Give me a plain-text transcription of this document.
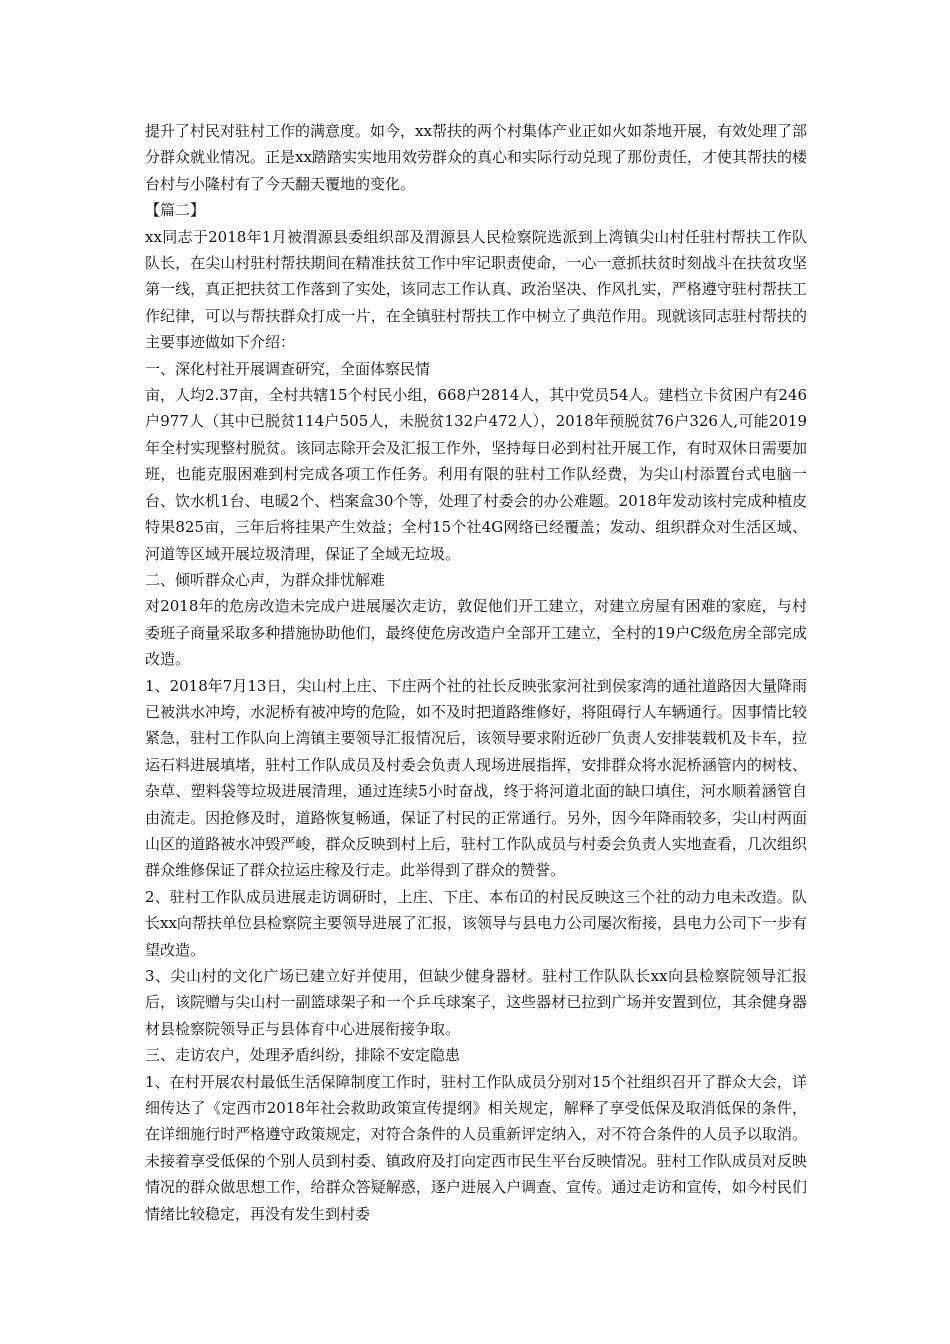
提升了村民对驻村工作的满意度。如今，xx帮扶的两个村集体产业正如火如荼地开展，有效处理了部分群众就业情况。正是xx踏踏实实地用效劳群众的真心和实际行动兑现了那份责任，才使其帮扶的楼台村与小隆村有了今天翻天覆地的变化。

【篇二】

xx同志于2018年1月被渭源县委组织部及渭源县人民检察院选派到上湾镇尖山村任驻村帮扶工作队队长，在尖山村驻村帮扶期间在精准扶贫工作中牢记职责使命，一心一意抓扶贫时刻战斗在扶贫攻坚第一线，真正把扶贫工作落到了实处，该同志工作认真、政治坚决、作风扎实，严格遵守驻村帮扶工作纪律，可以与帮扶群众打成一片，在全镇驻村帮扶工作中树立了典范作用。现就该同志驻村帮扶的主要事迹做如下介绍：

一、深化村社开展调查研究，全面体察民情

亩，人均2.37亩，全村共辖15个村民小组，668户2814人，其中党员54人。建档立卡贫困户有246户977人（其中已脱贫114户505人，未脱贫132户472人），2018年预脱贫76户326人,可能2019年全村实现整村脱贫。该同志除开会及汇报工作外，坚持每日必到村社开展工作，有时双休日需要加班，也能克服困难到村完成各项工作任务。利用有限的驻村工作队经费，为尖山村添置台式电脑一台、饮水机1台、电暖2个、档案盒30个等，处理了村委会的办公难题。2018年发动该村完成种植皮特果825亩，三年后将挂果产生效益；全村15个社4G网络已经覆盖；发动、组织群众对生活区域、河道等区域开展垃圾清理，保证了全域无垃圾。

二、倾听群众心声，为群众排忧解难

对2018年的危房改造未完成户进展屡次走访，敦促他们开工建立，对建立房屋有困难的家庭，与村委班子商量采取多种措施协助他们，最终使危房改造户全部开工建立，全村的19户C级危房全部完成改造。

1、2018年7月13日，尖山村上庄、下庄两个社的社长反映张家河社到侯家湾的通社道路因大量降雨已被洪水冲垮，水泥桥有被冲垮的危险，如不及时把道路维修好，将阻碍行人车辆通行。因事情比较紧急，驻村工作队向上湾镇主要领导汇报情况后，该领导要求附近砂厂负责人安排装载机及卡车，拉运石料进展填堵，驻村工作队成员及村委会负责人现场进展指挥，安排群众将水泥桥涵管内的树枝、杂草、塑料袋等垃圾进展清理，通过连续5小时奋战，终于将河道北面的缺口填住，河水顺着涵管自由流走。因抢修及时，道路恢复畅通，保证了村民的正常通行。另外，因今年降雨较多，尖山村两面山区的道路被水冲毁严峻，群众反映到村上后，驻村工作队成员与村委会负责人实地查看，几次组织群众维修保证了群众拉运庄稼及行走。此举得到了群众的赞誉。

2、驻村工作队成员进展走访调研时，上庄、下庄、本布𠙶的村民反映这三个社的动力电未改造。队长xx向帮扶单位县检察院主要领导进展了汇报，该领导与县电力公司屡次衔接，县电力公司下一步有望改造。

3、尖山村的文化广场已建立好并使用，但缺少健身器材。驻村工作队队长xx向县检察院领导汇报后，该院赠与尖山村一副篮球架子和一个乒乓球案子，这些器材已拉到广场并安置到位，其余健身器材县检察院领导正与县体育中心进展衔接争取。

三、走访农户，处理矛盾纠纷，排除不安定隐患

1、在村开展农村最低生活保障制度工作时，驻村工作队成员分别对15个社组织召开了群众大会，详细传达了《定西市2018年社会救助政策宣传提纲》相关规定，解释了享受低保及取消低保的条件，在详细施行时严格遵守政策规定，对符合条件的人员重新评定纳入，对不符合条件的人员予以取消。未接着享受低保的个别人员到村委、镇政府及打向定西市民生平台反映情况。驻村工作队成员对反映情况的群众做思想工作，给群众答疑解惑，逐户进展入户调查、宣传。通过走访和宣传，如今村民们情绪比较稳定，再没有发生到村委
